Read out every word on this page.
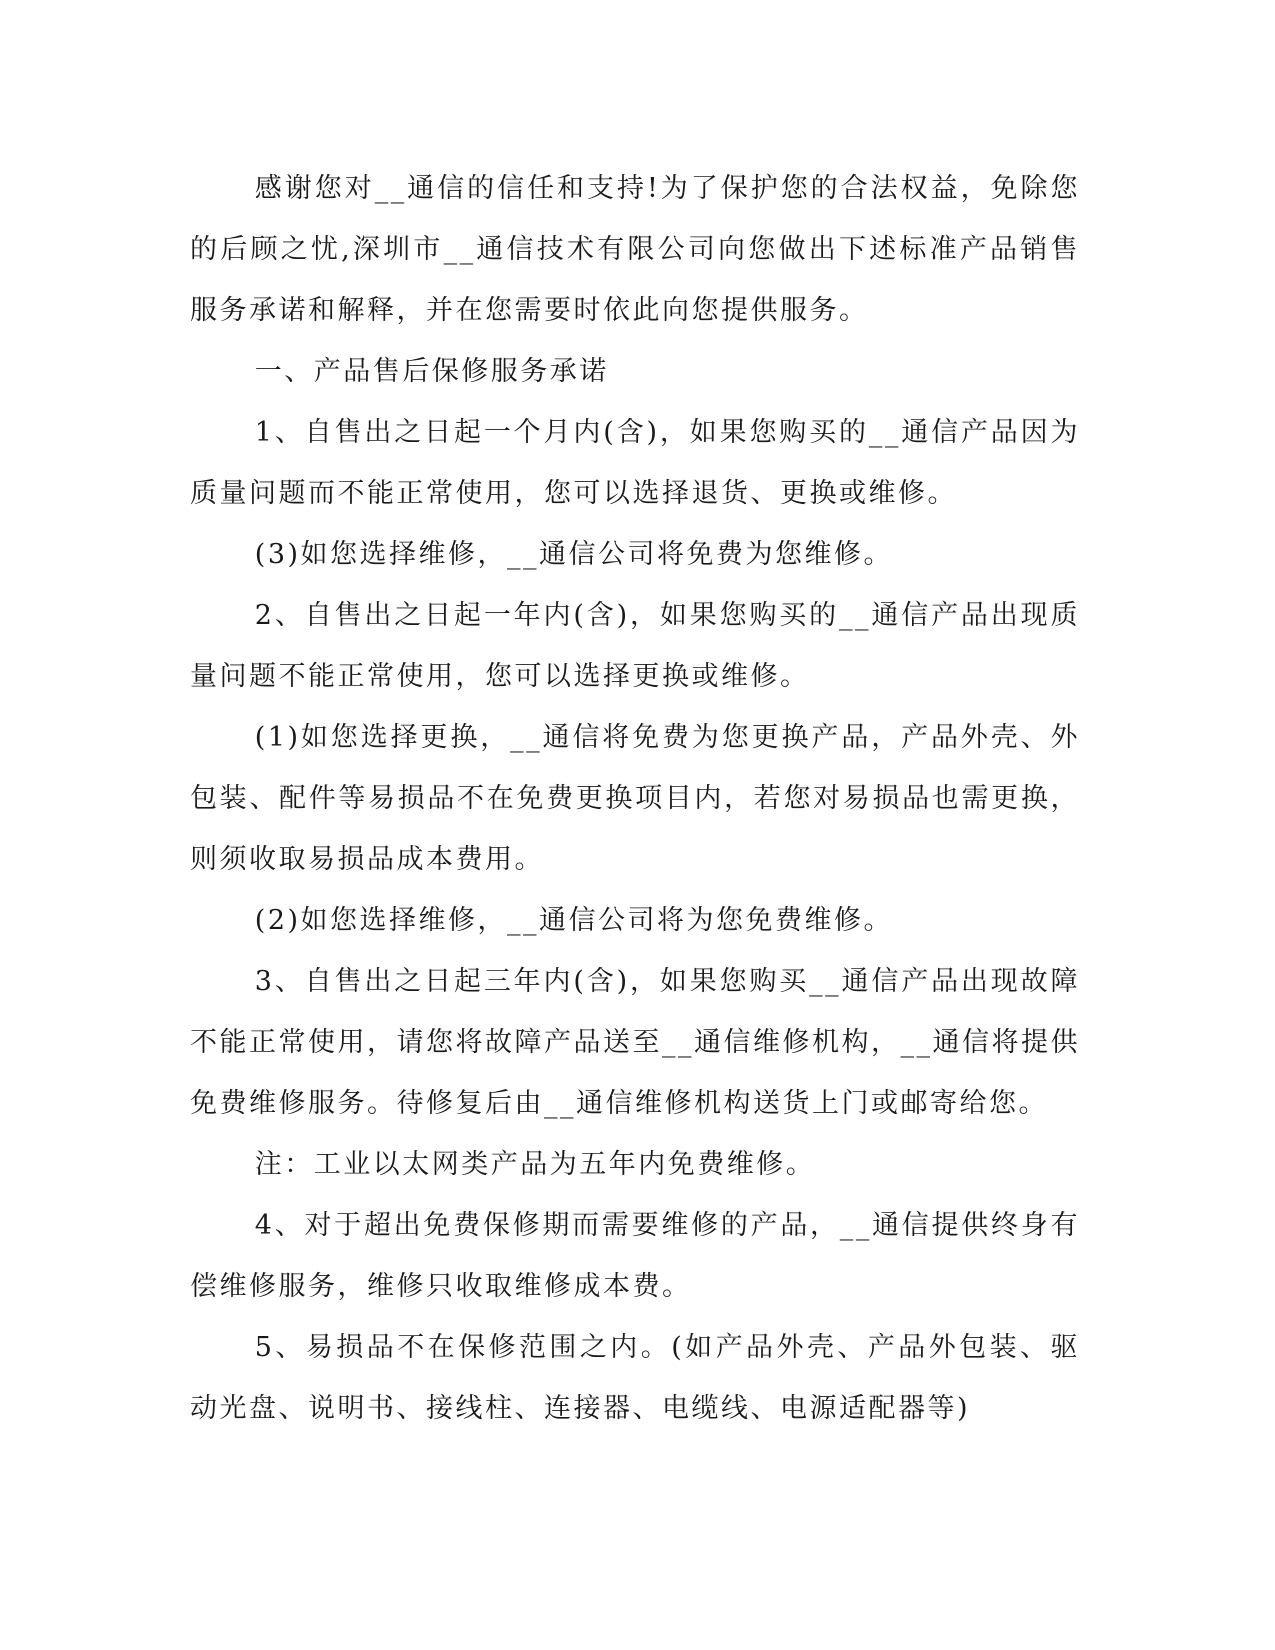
感谢您对__通信的信任和支持!为了保护您的合法权益，免除您的后顾之忧,深圳市__通信技术有限公司向您做出下述标准产品销售服务承诺和解释，并在您需要时依此向您提供服务。

一、产品售后保修服务承诺

1、自售出之日起一个月内(含)，如果您购买的__通信产品因为质量问题而不能正常使用，您可以选择退货、更换或维修。

(3)如您选择维修，__通信公司将免费为您维修。

2、自售出之日起一年内(含)，如果您购买的__通信产品出现质量问题不能正常使用，您可以选择更换或维修。

(1)如您选择更换，__通信将免费为您更换产品，产品外壳、外包装、配件等易损品不在免费更换项目内，若您对易损品也需更换，则须收取易损品成本费用。

(2)如您选择维修，__通信公司将为您免费维修。

3、自售出之日起三年内(含)，如果您购买__通信产品出现故障不能正常使用，请您将故障产品送至__通信维修机构，__通信将提供免费维修服务。待修复后由__通信维修机构送货上门或邮寄给您。

注：工业以太网类产品为五年内免费维修。

4、对于超出免费保修期而需要维修的产品，__通信提供终身有偿维修服务，维修只收取维修成本费。

5、易损品不在保修范围之内。(如产品外壳、产品外包装、驱动光盘、说明书、接线柱、连接器、电缆线、电源适配器等)
